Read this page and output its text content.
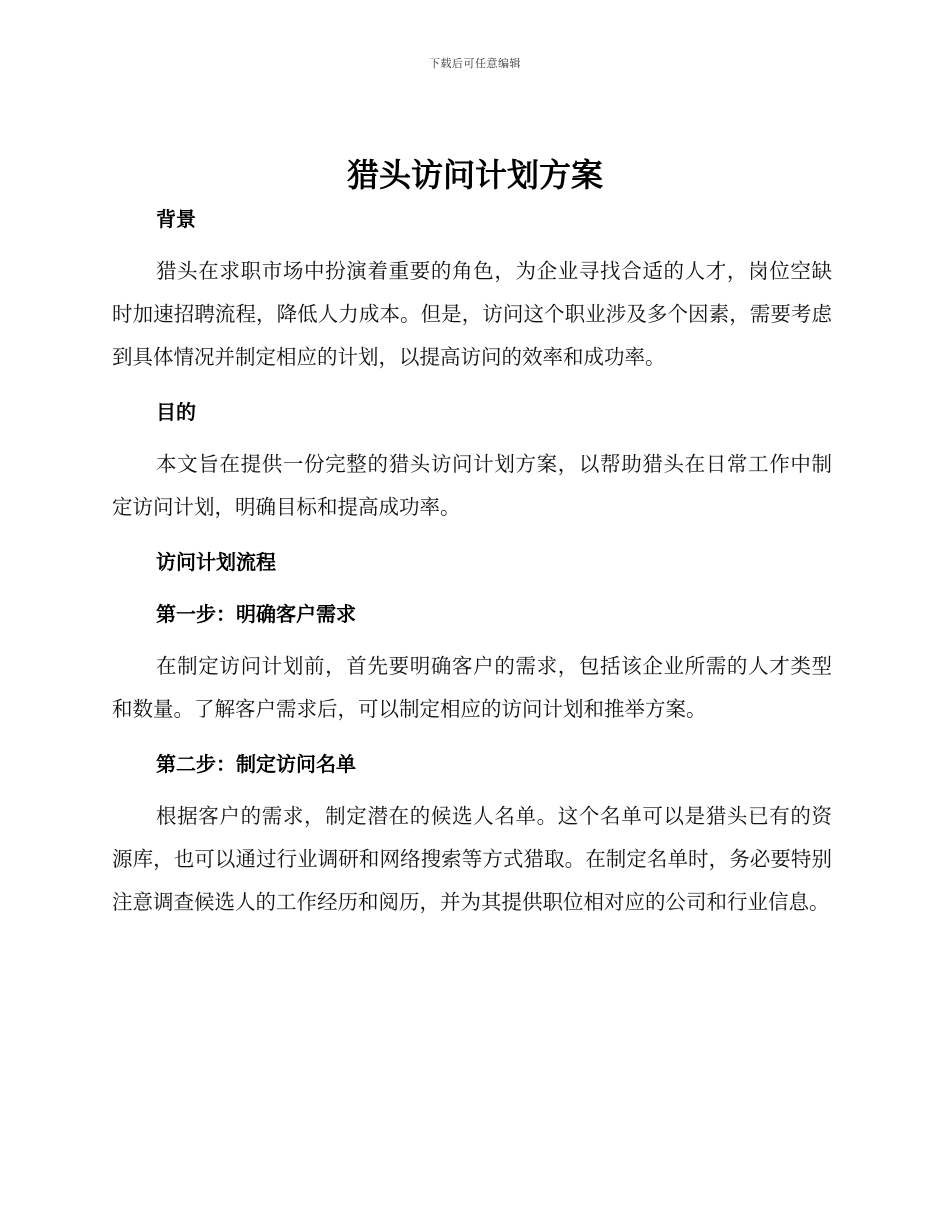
下载后可任意编辑
猎头访问计划方案
背景

猎头在求职市场中扮演着重要的角色，为企业寻找合适的人才，岗位空缺时加速招聘流程，降低人力成本。但是，访问这个职业涉及多个因素，需要考虑到具体情况并制定相应的计划，以提高访问的效率和成功率。

目的

本文旨在提供一份完整的猎头访问计划方案，以帮助猎头在日常工作中制定访问计划，明确目标和提高成功率。

访问计划流程
第一步：明确客户需求

在制定访问计划前，首先要明确客户的需求，包括该企业所需的人才类型和数量。了解客户需求后，可以制定相应的访问计划和推举方案。

第二步：制定访问名单

根据客户的需求，制定潜在的候选人名单。这个名单可以是猎头已有的资源库，也可以通过行业调研和网络搜索等方式猎取。在制定名单时，务必要特别注意调查候选人的工作经历和阅历，并为其提供职位相对应的公司和行业信息。
